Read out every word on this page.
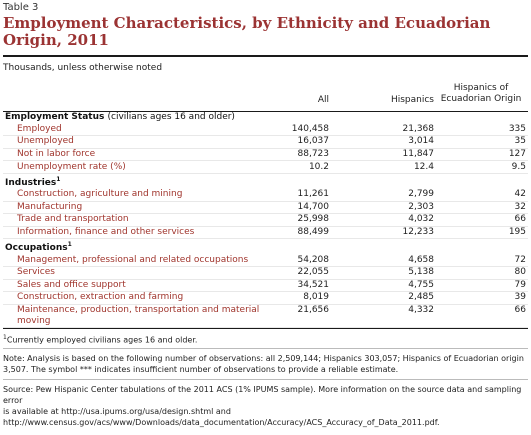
Table 3
Employment Characteristics, by Ethnicity and Ecuadorian Origin, 2011
Thousands, unless otherwise noted
All	Hispanics
Hispanics of
Ecuadorian Origin
Employment Status (civilians ages 16 and older)			
Employed	140,458	21,368	335
Unemployed	16,037	3,014	35
Not in labor force	88,723	11,847	127
Unemployment rate (%)	10.2	12.4	9.5
Industries$^1$
Construction, agriculture and mining	11,261	2,799	42
Manufacturing	14,700	2,303	32
Trade and transportation	25,998	4,032	66
Information, finance and other services	88,499	12,233	195
Occupations$^1$
Management, professional and related occupations	54,208	4,658	72
Services	22,055	5,138	80
Sales and office support	34,521	4,755	79
Construction, extraction and farming	8,019	2,485	39

Maintenance, production, transportation and material
moving	21,656	4,332	66
$^1$Currently employed civilians ages 16 and older.
Note: Analysis is based on the following number of observations: all 2,509,144; Hispanics 303,057; Hispanics of Ecuadorian origin
3,507. The symbol *** indicates insufficient number of observations to provide a reliable estimate.
Source: Pew Hispanic Center tabulations of the 2011 ACS (1% IPUMS sample). More information on the source data and sampling error
is available at http://usa.ipums.org/usa/design.shtml and
http://www.census.gov/acs/www/Downloads/data_documentation/Accuracy/ACS_Accuracy_of_Data_2011.pdf.
